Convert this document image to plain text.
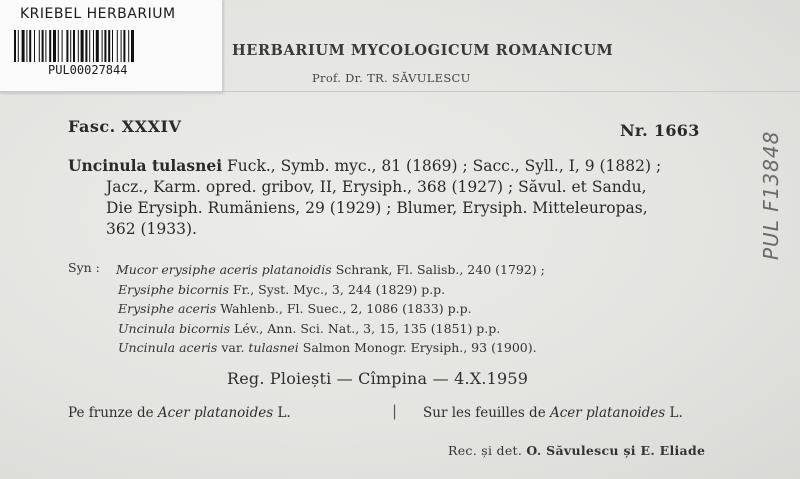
KRIEBEL HERBARIUM
PUL00027844
HERBARIUM MYCOLOGICUM ROMANICUM
Prof. Dr. TR. SĂVULESCU
Fasc. XXXIV	Nr. 1663
Uncinula tulasnei Fuck., Symb. myc., 81 (1869) ; Sacc., Syll., I, 9 (1882) ;
Jacz., Karm. opred. gribov, II, Erysiph., 368 (1927) ; Săvul. et Sandu,
Die Erysiph. Rumäniens, 29 (1929) ; Blumer, Erysiph. Mitteleuropas,
362 (1933).
Syn : Mucor erysiphe aceris platanoidis Schrank, Fl. Salisb., 240 (1792) ;
Erysiphe bicornis Fr., Syst. Myc., 3, 244 (1829) p.p.
Erysiphe aceris Wahlenb., Fl. Suec., 2, 1086 (1833) p.p.
Uncinula bicornis Lév., Ann. Sci. Nat., 3, 15, 135 (1851) p.p.
Uncinula aceris var. tulasnei Salmon Monogr. Erysiph., 93 (1900).
Reg. Ploiești — Cîmpina — 4.X.1959
Pe frunze de Acer platanoides L.	| Sur les feuilles de Acer platanoides L.
Rec. și det. O. Săvulescu și E. Eliade
PUL F13848
